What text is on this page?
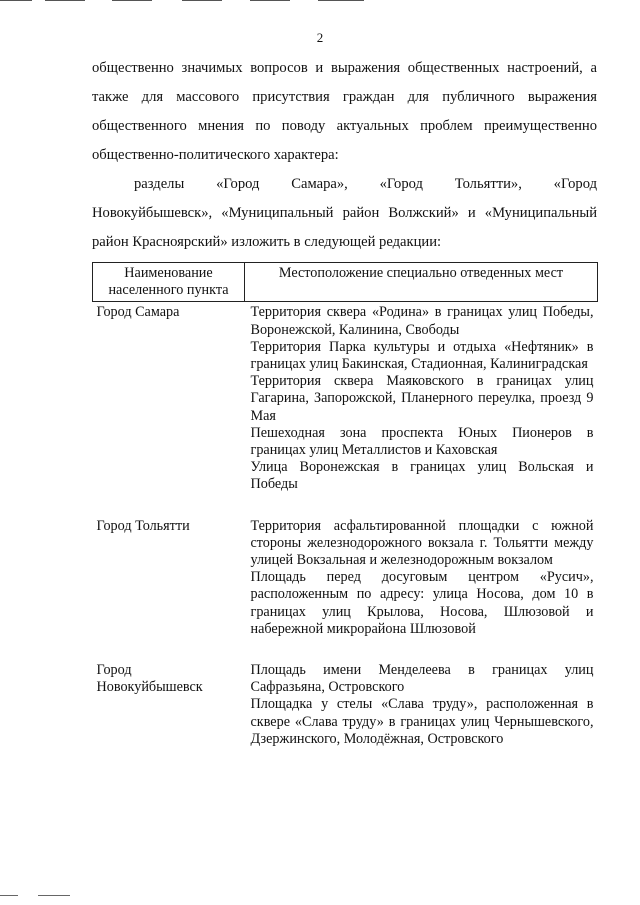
2

общественно значимых вопросов и выражения общественных настроений, а
также для массового присутствия граждан для публичного выражения
общественного мнения по поводу актуальных проблем преимущественно
общественно-политического характера:

разделы «Город Самара», «Город Тольятти», «Город
Новокуйбышевск», «Муниципальный район Волжский» и «Муниципальный
район Красноярский» изложить в следующей редакции:

Наименование населенного пункта	Местоположение специально отведенных мест
Город Самара	Территория сквера «Родина» в границах улиц Победы, Воронежской, Калинина, Свободы

Территория Парка культуры и отдыха «Нефтяник» в границах улиц Бакинская, Стадионная, Калиниградская

Территория сквера Маяковского в границах улиц Гагарина, Запорожской, Планерного переулка, проезд 9 Мая

Пешеходная зона проспекта Юных Пионеров в границах улиц Металлистов и Каховская

Улица Воронежская в границах улиц Вольская и Победы

Город Тольятти	Территория асфальтированной площадки с южной стороны железнодорожного вокзала г. Тольятти между улицей Вокзальная и железнодорожным вокзалом

Площадь перед досуговым центром «Русич», расположенным по адресу: улица Носова, дом 10 в границах улиц Крылова, Носова, Шлюзовой и набережной микрорайона Шлюзовой

Город Новокуйбышевск	Площадь имени Менделеева в границах улиц Сафразьяна, Островского

Площадка у стелы «Слава труду», расположенная в сквере «Слава труду» в границах улиц Чернышевского, Дзержинского, Молодёжная, Островского
